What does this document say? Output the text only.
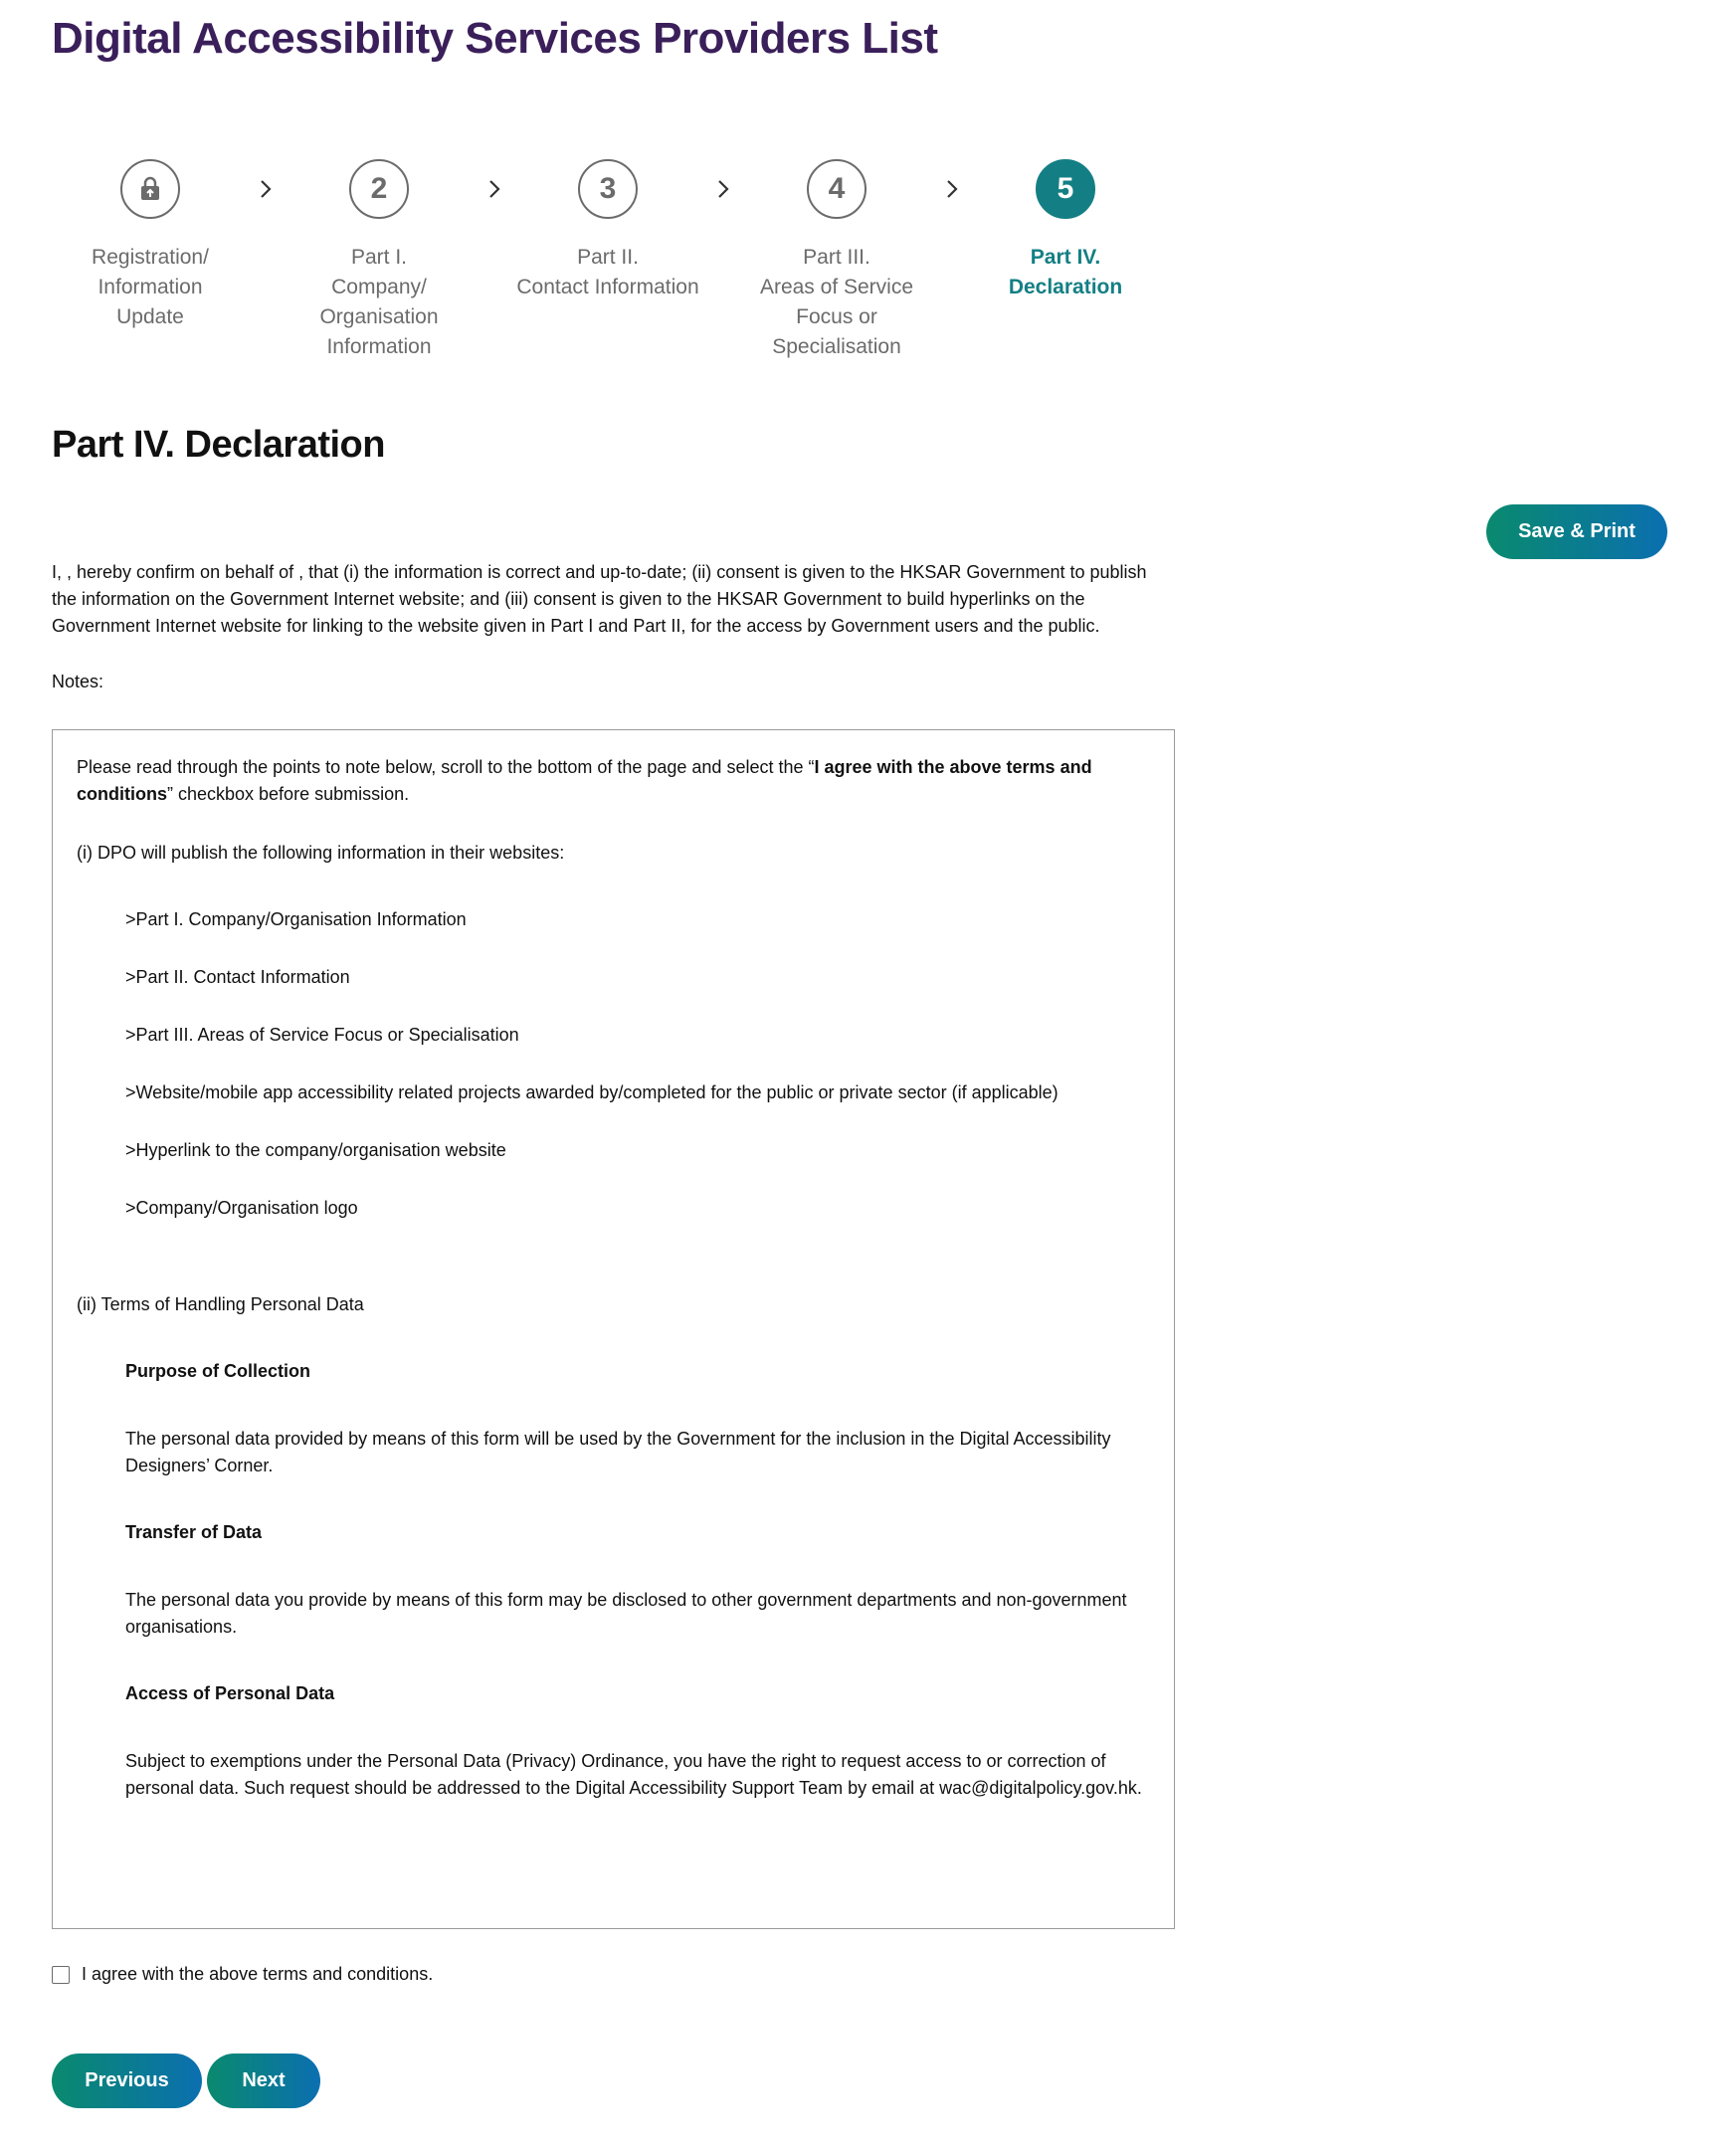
Digital Accessibility Services Providers List
Registration/
Information
Update
2
Part I.
Company/
Organisation
Information
3
Part II.
Contact Information
4
Part III.
Areas of Service
Focus or
Specialisation
5
Part IV.
Declaration
Part IV. Declaration
Save & Print

I, , hereby confirm on behalf of , that (i) the information is correct and up-to-date; (ii) consent is given to the HKSAR Government to publish the information on the Government Internet website; and (iii) consent is given to the HKSAR Government to build hyperlinks on the Government Internet website for linking to the website given in Part I and Part II, for the access by Government users and the public.

Notes:

Please read through the points to note below, scroll to the bottom of the page and select the “I agree with the above terms and conditions” checkbox before submission.

(i) DPO will publish the following information in their websites:

>Part I. Company/Organisation Information
>Part II. Contact Information
>Part III. Areas of Service Focus or Specialisation
>Website/mobile app accessibility related projects awarded by/completed for the public or private sector (if applicable)
>Hyperlink to the company/organisation website
>Company/Organisation logo

(ii) Terms of Handling Personal Data

Purpose of Collection

The personal data provided by means of this form will be used by the Government for the inclusion in the Digital Accessibility Designers’ Corner.

Transfer of Data

The personal data you provide by means of this form may be disclosed to other government departments and non-government organisations.

Access of Personal Data

Subject to exemptions under the Personal Data (Privacy) Ordinance, you have the right to request access to or correction of personal data. Such request should be addressed to the Digital Accessibility Support Team by email at wac@digitalpolicy.gov.hk.

I agree with the above terms and conditions.
Previous	Next
